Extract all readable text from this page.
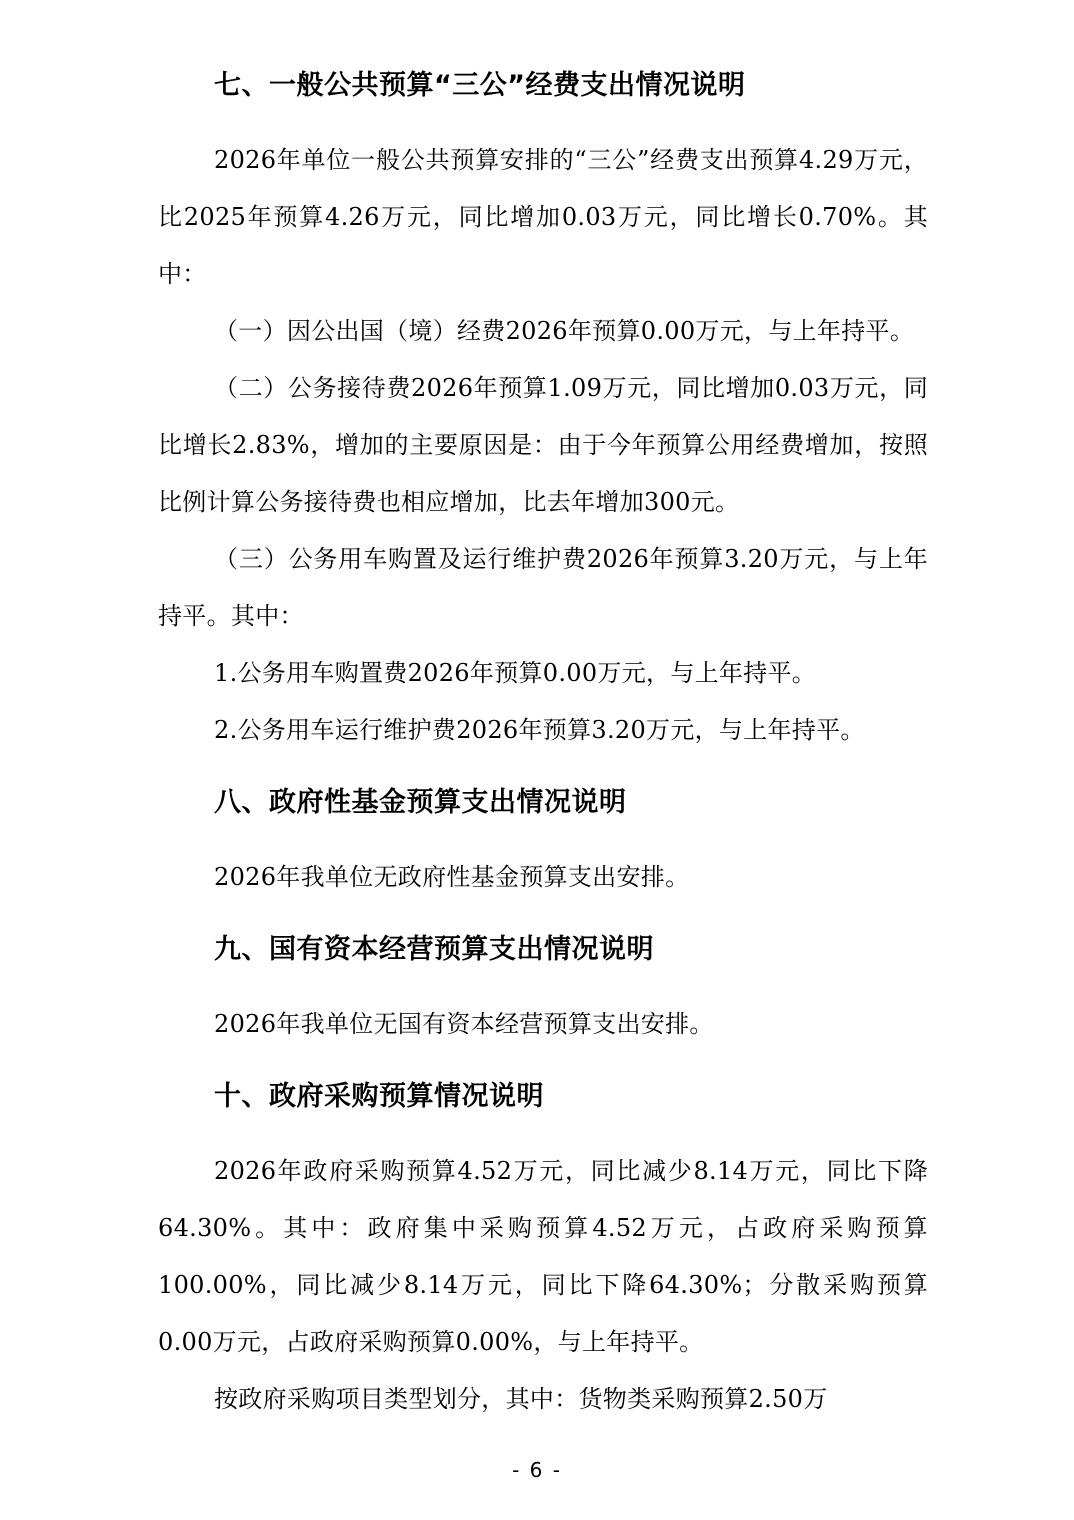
七、一般公共预算“三公”经费支出情况说明

2026年单位一般公共预算安排的“三公”经费支出预算4.29万元，比2025年预算4.26万元，同比增加0.03万元，同比增长0.70%。其中：

（一）因公出国（境）经费2026年预算0.00万元，与上年持平。

（二）公务接待费2026年预算1.09万元，同比增加0.03万元，同比增长2.83%，增加的主要原因是：由于今年预算公用经费增加，按照比例计算公务接待费也相应增加，比去年增加300元。

（三）公务用车购置及运行维护费2026年预算3.20万元，与上年持平。其中：

1.公务用车购置费2026年预算0.00万元，与上年持平。

2.公务用车运行维护费2026年预算3.20万元，与上年持平。

八、政府性基金预算支出情况说明

2026年我单位无政府性基金预算支出安排。

九、国有资本经营预算支出情况说明

2026年我单位无国有资本经营预算支出安排。

十、政府采购预算情况说明

2026年政府采购预算4.52万元，同比减少8.14万元，同比下降64.30%。其中：政府集中采购预算4.52万元，占政府采购预算100.00%，同比减少8.14万元，同比下降64.30%；分散采购预算0.00万元，占政府采购预算0.00%，与上年持平。

按政府采购项目类型划分，其中：货物类采购预算2.50万

- 6 -
